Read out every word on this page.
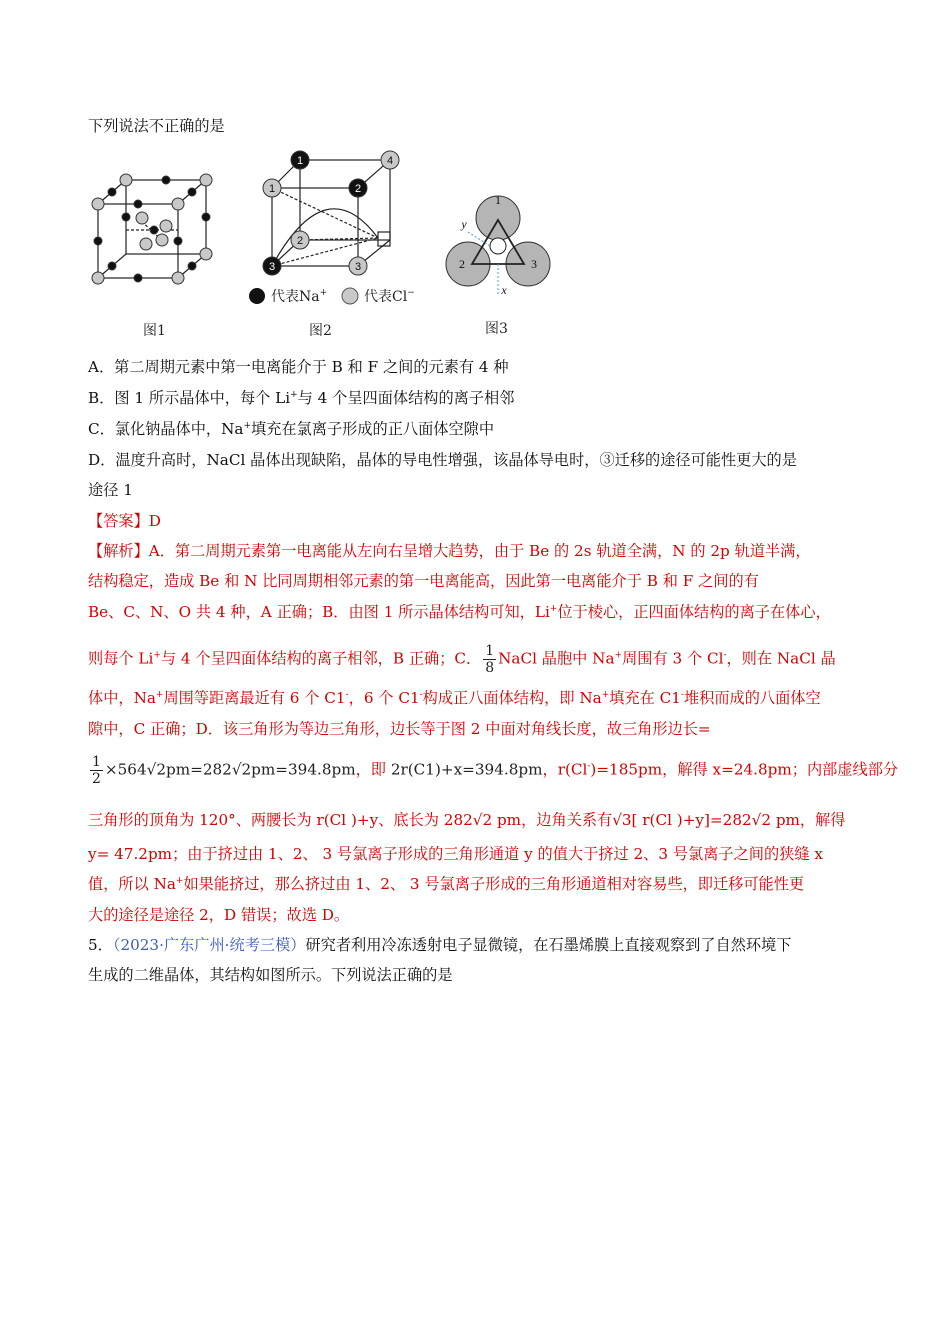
下列说法不正确的是
1
1	2
2
3	3
4
代表Na+	代表Cl−
1
2	3
y
x
图1	图2	图3
A．第二周期元素中第一电离能介于 B 和 F 之间的元素有 4 种
B．图 1 所示晶体中，每个 Li+与 4 个呈四面体结构的离子相邻
C．氯化钠晶体中，Na+填充在氯离子形成的正八面体空隙中
D．温度升高时，NaCl 晶体出现缺陷，晶体的导电性增强，该晶体导电时，③迁移的途径可能性更大的是
途径 1
【答案】D
【解析】A．第二周期元素第一电离能从左向右呈增大趋势，由于 Be 的 2s 轨道全满，N 的 2p 轨道半满，
结构稳定，造成 Be 和 N 比同周期相邻元素的第一电离能高，因此第一电离能介于 B 和 F 之间的有
Be、C、N、O 共 4 种，A 正确；B．由图 1 所示晶体结构可知，Li+位于棱心，正四面体结构的离子在体心，
则每个 Li+与 4 个呈四面体结构的离子相邻，B 正确；C． $\frac{1}{8}$ NaCl 晶胞中 Na+周围有 3 个 Cl-，则在 NaCl 晶
体中，Na+周围等距离最近有 6 个 C1-，6 个 C1-构成正八面体结构，即 Na+填充在 C1-堆积而成的八面体空
隙中，C 正确；D．该三角形为等边三角形，边长等于图 2 中面对角线长度，故三角形边长=
$\frac{1}{2} \times 564√2pm=282√2pm=394.8pm$，即 2r(C1)+x=394.8pm，r(Cl-)=185pm，解得 x=24.8pm；内部虚线部分
三角形的顶角为 120°、两腰长为 r(Cl )+y、底长为 282√2 pm，边角关系有√3[ r(Cl )+y]=282√2 pm，解得
y= 47.2pm；由于挤过由 1、2、 3 号氯离子形成的三角形通道 y 的值大于挤过 2、3 号氯离子之间的狭缝 x
值，所以 Na+如果能挤过，那么挤过由 1、2、 3 号氯离子形成的三角形通道相对容易些，即迁移可能性更
大的途径是途径 2，D 错误；故选 D。
5．（2023·广东广州·统考三模）研究者利用冷冻透射电子显微镜，在石墨烯膜上直接观察到了自然环境下
生成的二维晶体，其结构如图所示。下列说法正确的是
